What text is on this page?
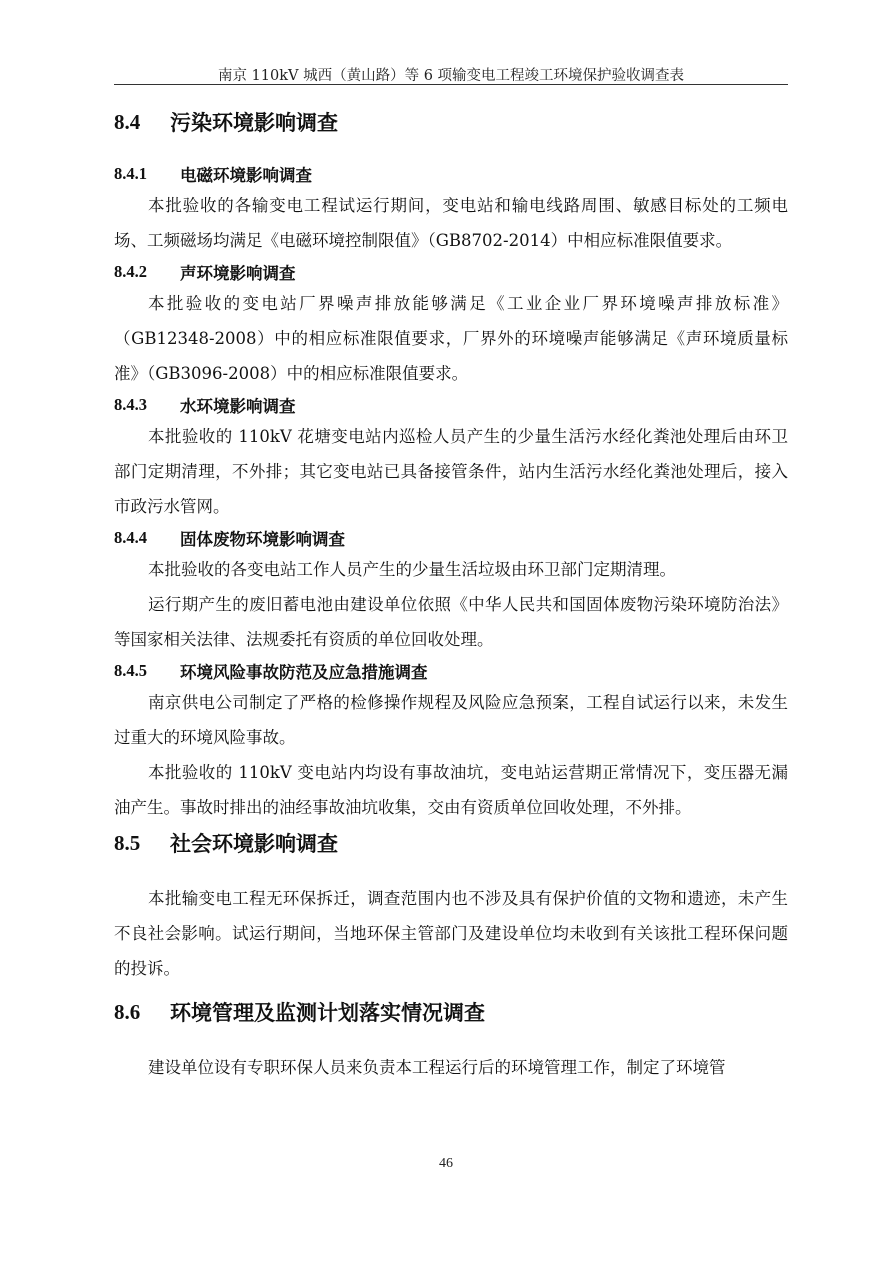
南京 110kV 城西（黄山路）等 6 项输变电工程竣工环境保护验收调查表
8.4	污染环境影响调查
8.4.1	电磁环境影响调查
本批验收的各输变电工程试运行期间，变电站和输电线路周围、敏感目标处的工频电场、工频磁场均满足《电磁环境控制限值》（GB8702-2014）中相应标准限值要求。
8.4.2	声环境影响调查
本批验收的变电站厂界噪声排放能够满足《工业企业厂界环境噪声排放标准》（GB12348-2008）中的相应标准限值要求，厂界外的环境噪声能够满足《声环境质量标准》（GB3096-2008）中的相应标准限值要求。
8.4.3	水环境影响调查
本批验收的 110kV 花塘变电站内巡检人员产生的少量生活污水经化粪池处理后由环卫部门定期清理，不外排；其它变电站已具备接管条件，站内生活污水经化粪池处理后，接入市政污水管网。
8.4.4	固体废物环境影响调查
本批验收的各变电站工作人员产生的少量生活垃圾由环卫部门定期清理。
运行期产生的废旧蓄电池由建设单位依照《中华人民共和国固体废物污染环境防治法》等国家相关法律、法规委托有资质的单位回收处理。
8.4.5	环境风险事故防范及应急措施调查
南京供电公司制定了严格的检修操作规程及风险应急预案，工程自试运行以来，未发生过重大的环境风险事故。
本批验收的 110kV 变电站内均设有事故油坑，变电站运营期正常情况下，变压器无漏油产生。事故时排出的油经事故油坑收集，交由有资质单位回收处理，不外排。
8.5	社会环境影响调查
本批输变电工程无环保拆迁，调查范围内也不涉及具有保护价值的文物和遗迹，未产生不良社会影响。试运行期间，当地环保主管部门及建设单位均未收到有关该批工程环保问题的投诉。
8.6	环境管理及监测计划落实情况调查
建设单位设有专职环保人员来负责本工程运行后的环境管理工作，制定了环境管
46
